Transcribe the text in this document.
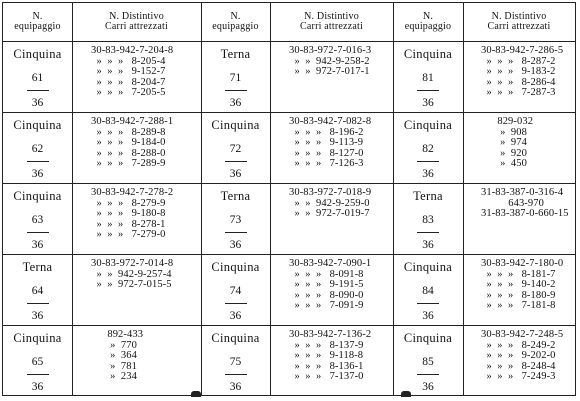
N.
equipaggio
N. Distintivo
Carri attrezzati
N.
equipaggio
N. Distintivo
Carri attrezzati
N.
equipaggio
N. Distintivo
Carri attrezzati
Cinquina
61
36
30-83-942-7-204-8
»  »  »   8-205-4
»  »  »   9-152-7
»  »  »   8-204-7
»  »  »   7-205-5
Terna
71
36
30-83-972-7-016-3
»  »  942-9-258-2
»  »  972-7-017-1
Cinquina
81
36
30-83-942-7-286-5
»  »  »   8-287-2
»  »  »   9-183-2
»  »  »   8-286-4
»  »  »   7-287-3
Cinquina
62
36
30-83-942-7-288-1
»  »  »   8-289-8
»  »  »   9-184-0
»  »  »   8-288-0
»  »  »   7-289-9
Cinquina
72
36
30-83-942-7-082-8
»  »  »   8-196-2
»  »  »   9-113-9
»  »  »   8-127-0
»  »  »   7-126-3
Cinquina
82
36
829-032
»  908
»  974
»  920
»  450
Cinquina
63
36
30-83-942-7-278-2
»  »  »   8-279-9
»  »  »   9-180-8
»  »  »   8-278-1
»  »  »   7-279-0
Terna
73
36
30-83-972-7-018-9
»  »  942-9-259-0
»  »  972-7-019-7
Terna
83
36
31-83-387-0-316-4
643-970
31-83-387-0-660-15
Terna
64
36
30-83-972-7-014-8
»  »  942-9-257-4
»  »  972-7-015-5
Cinquina
74
36
30-83-942-7-090-1
»  »  »   8-091-8
»  »  »   9-191-5
»  »  »   8-090-0
»  »  »   7-091-9
Cinquina
84
36
30-83-942-7-180-0
»  »  »   8-181-7
»  »  »   9-140-2
»  »  »   8-180-9
»  »  »   7-181-8
Cinquina
65
36
892-433
»  770
»  364
»  781
»  234
Cinquina
75
36
30-83-942-7-136-2
»  »  »   8-137-9
»  »  »   9-118-8
»  »  »   8-136-1
»  »  »   7-137-0
Cinquina
85
36
30-83-942-7-248-5
»  »  »   8-249-2
»  »  »   9-202-0
»  »  »   8-248-4
»  »  »   7-249-3
